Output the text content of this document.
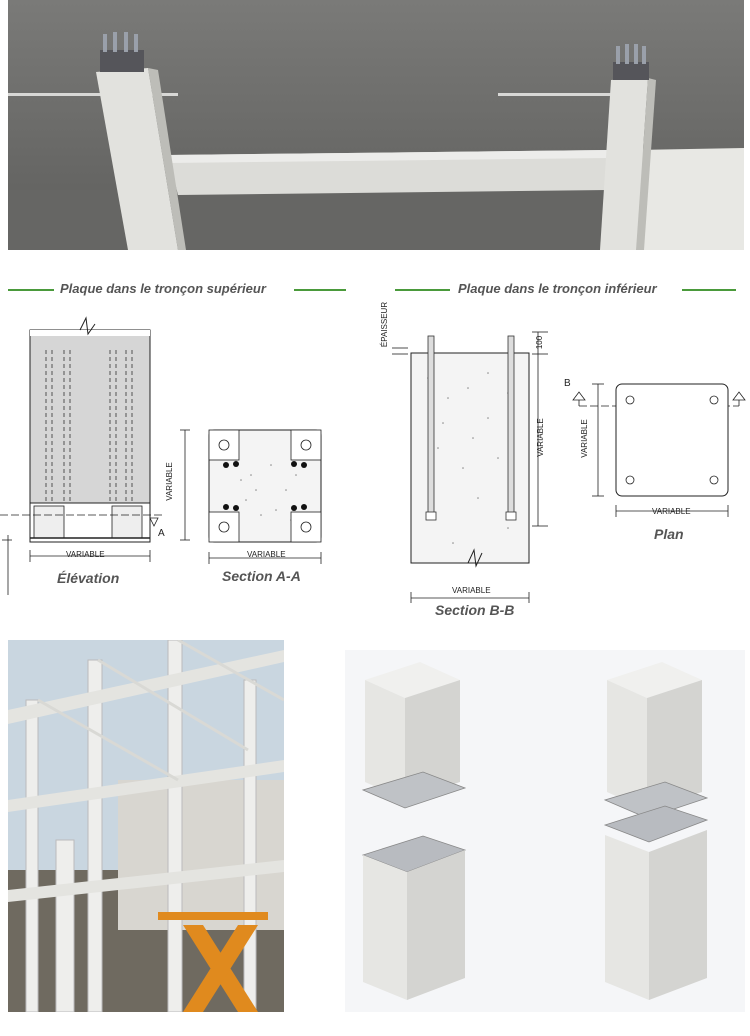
Plaque dans le tronçon supérieur	Plaque dans le tronçon inférieur
VARIABLE
A
Élévation
VARIABLE
VARIABLE
Section A-A
ÉPAISSEUR	100
VARIABLE
VARIABLE
Section B-B
B
VARIABLE
VARIABLE
Plan
